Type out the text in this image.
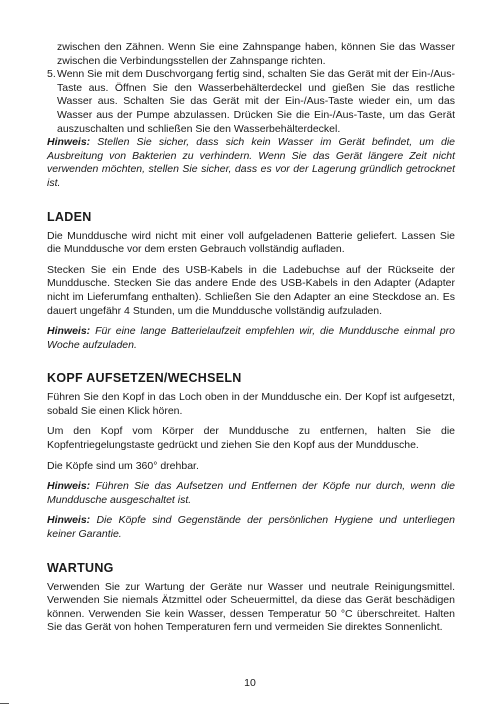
zwischen den Zähnen. Wenn Sie eine Zahnspange haben, können Sie das Wasser zwischen die Verbindungsstellen der Zahnspange richten.

5. Wenn Sie mit dem Duschvorgang fertig sind, schalten Sie das Gerät mit der Ein-/Aus-Taste aus. Öffnen Sie den Wasserbehälterdeckel und gießen Sie das restliche Wasser aus. Schalten Sie das Gerät mit der Ein-/Aus-Taste wieder ein, um das Wasser aus der Pumpe abzulassen. Drücken Sie die Ein-/Aus-Taste, um das Gerät auszuschalten und schließen Sie den Wasserbehälterdeckel.

Hinweis: Stellen Sie sicher, dass sich kein Wasser im Gerät befindet, um die Ausbreitung von Bakterien zu verhindern. Wenn Sie das Gerät längere Zeit nicht verwenden möchten, stellen Sie sicher, dass es vor der Lagerung gründlich getrocknet ist.

LADEN

Die Munddusche wird nicht mit einer voll aufgeladenen Batterie geliefert. Lassen Sie die Munddusche vor dem ersten Gebrauch vollständig aufladen.

Stecken Sie ein Ende des USB-Kabels in die Ladebuchse auf der Rückseite der Munddusche. Stecken Sie das andere Ende des USB-Kabels in den Adapter (Adapter nicht im Lieferumfang enthalten). Schließen Sie den Adapter an eine Steckdose an. Es dauert ungefähr 4 Stunden, um die Munddusche vollständig aufzuladen.

Hinweis: Für eine lange Batterielaufzeit empfehlen wir, die Munddusche einmal pro Woche aufzuladen.

KOPF AUFSETZEN/WECHSELN

Führen Sie den Kopf in das Loch oben in der Munddusche ein. Der Kopf ist aufgesetzt, sobald Sie einen Klick hören.

Um den Kopf vom Körper der Munddusche zu entfernen, halten Sie die Kopfentriegelungstaste gedrückt und ziehen Sie den Kopf aus der Munddusche.

Die Köpfe sind um 360° drehbar.

Hinweis: Führen Sie das Aufsetzen und Entfernen der Köpfe nur durch, wenn die Munddusche ausgeschaltet ist.

Hinweis: Die Köpfe sind Gegenstände der persönlichen Hygiene und unterliegen keiner Garantie.

WARTUNG

Verwenden Sie zur Wartung der Geräte nur Wasser und neutrale Reinigungsmittel. Verwenden Sie niemals Ätzmittel oder Scheuermittel, da diese das Gerät beschädigen können. Verwenden Sie kein Wasser, dessen Temperatur 50 °C überschreitet. Halten Sie das Gerät von hohen Temperaturen fern und vermeiden Sie direktes Sonnenlicht.

10
